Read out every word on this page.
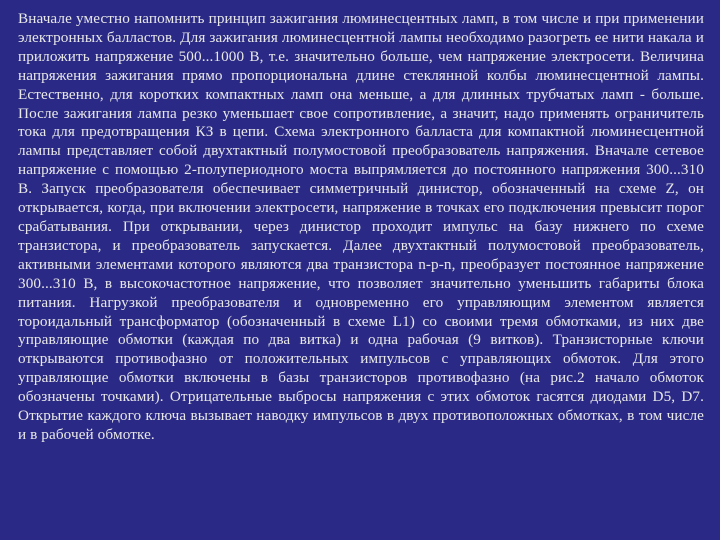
Вначале уместно напомнить принцип зажигания люминесцентных ламп, в том числе и при применении электронных балластов. Для зажигания люминесцентной лампы необходимо разогреть ее нити накала и приложить напряжение 500...1000 В, т.е. значительно больше, чем напряжение электросети. Величина напряжения зажигания прямо пропорциональна длине стеклянной колбы люминесцентной лампы. Естественно, для коротких компактных ламп она меньше, а для длинных трубчатых ламп - больше. После зажигания лампа резко уменьшает свое сопротивление, а значит, надо применять ограничитель тока для предотвращения КЗ в цепи. Схема электронного балласта для компактной люминесцентной лампы представляет собой двухтактный полумостовой преобразователь напряжения. Вначале сетевое напряжение с помощью 2-полупериодного моста выпрямляется до постоянного напряжения 300...310 В. Запуск преобразователя обеспечивает симметричный динистор, обозначенный на схеме Z, он открывается, когда, при включении электросети, напряжение в точках его подключения превысит порог срабатывания. При открывании, через динистор проходит импульс на базу нижнего по схеме транзистора, и преобразователь запускается. Далее двухтактный полумостовой преобразователь, активными элементами которого являются два транзистора n-p-n, преобразует постоянное напряжение 300...310 В, в высокочастотное напряжение, что позволяет значительно уменьшить габариты блока питания. Нагрузкой преобразователя и одновременно его управляющим элементом является тороидальный трансформатор (обозначенный в схеме L1) со своими тремя обмотками, из них две управляющие обмотки (каждая по два витка) и одна рабочая (9 витков). Транзисторные ключи открываются противофазно от положительных импульсов с управляющих обмоток. Для этого управляющие обмотки включены в базы транзисторов противофазно (на рис.2 начало обмоток обозначены точками). Отрицательные выбросы напряжения с этих обмоток гасятся диодами D5, D7. Открытие каждого ключа вызывает наводку импульсов в двух противоположных обмотках, в том числе и в рабочей обмотке.
